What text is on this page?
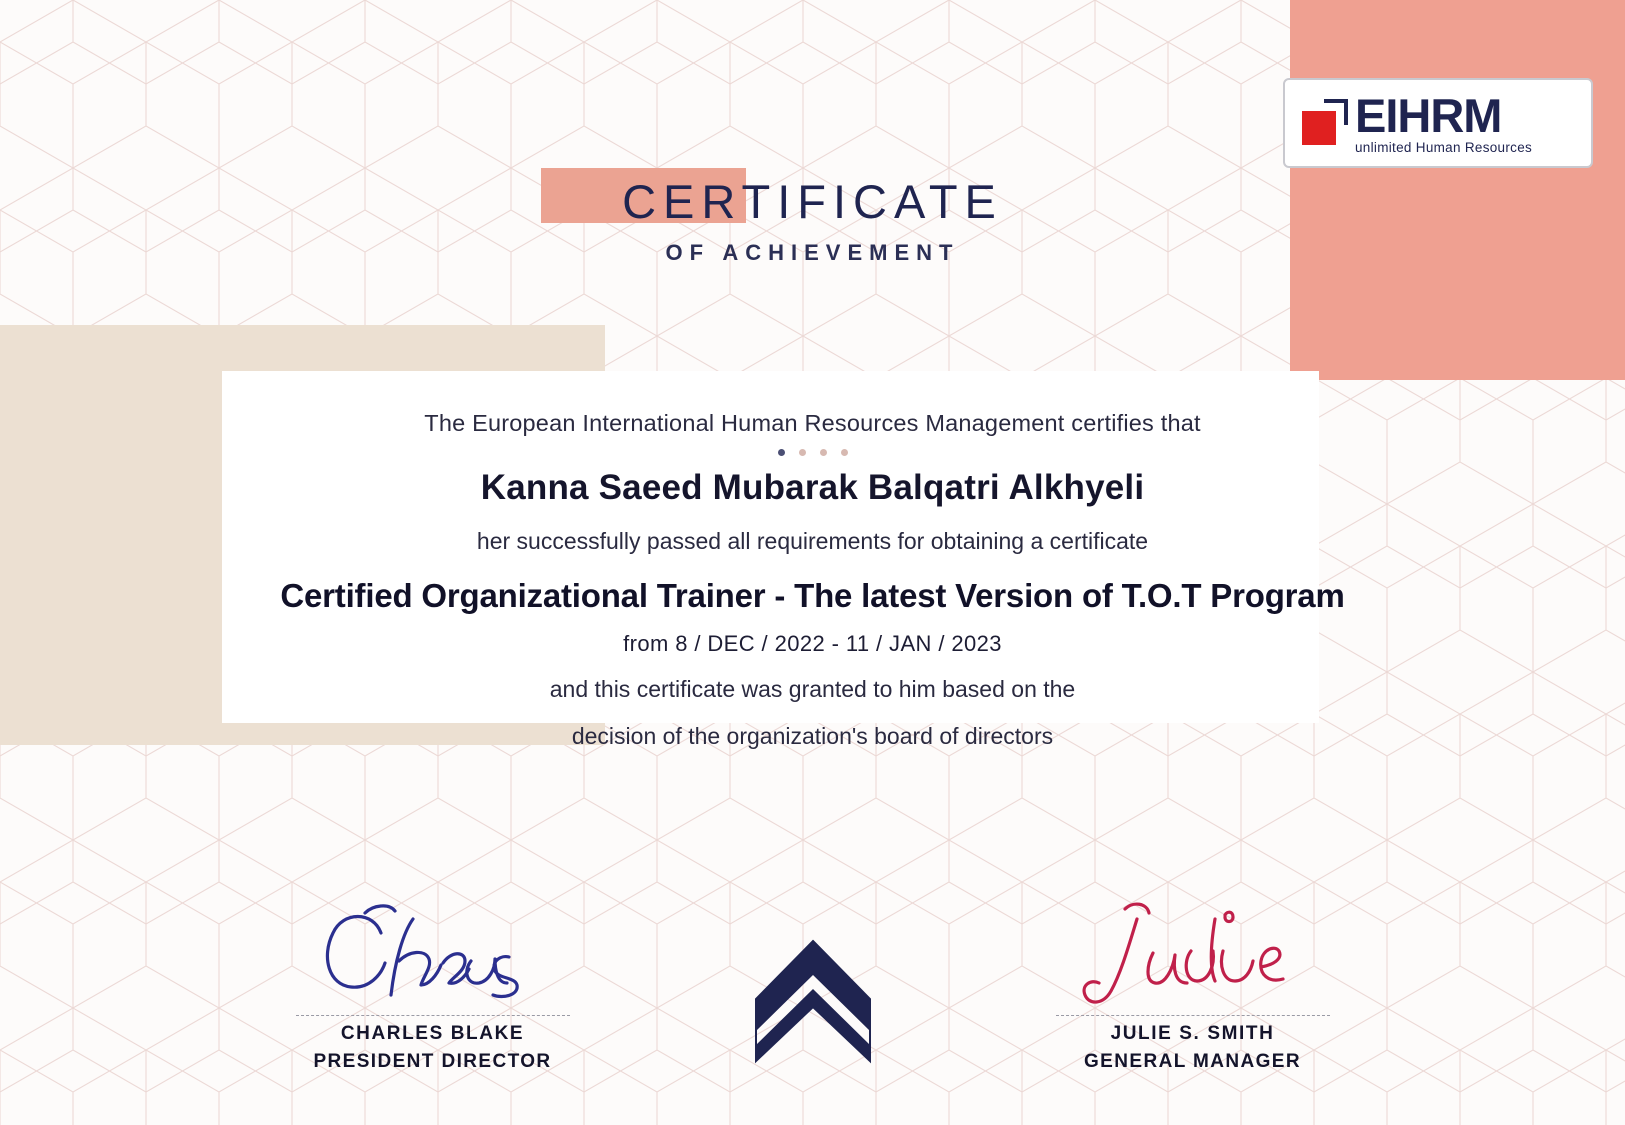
EIHRM
unlimited Human Resources
CERTIFICATE
OF ACHIEVEMENT
The European International Human Resources Management certifies that
Kanna Saeed Mubarak Balqatri Alkhyeli
her successfully passed all requirements for obtaining a certificate
Certified Organizational Trainer - The latest Version of T.O.T Program
from 8 / DEC / 2022 - 11 / JAN / 2023
and this certificate was granted to him based on the
decision of the organization's board of directors
CHARLES BLAKE
PRESIDENT DIRECTOR
JULIE S. SMITH
GENERAL MANAGER
